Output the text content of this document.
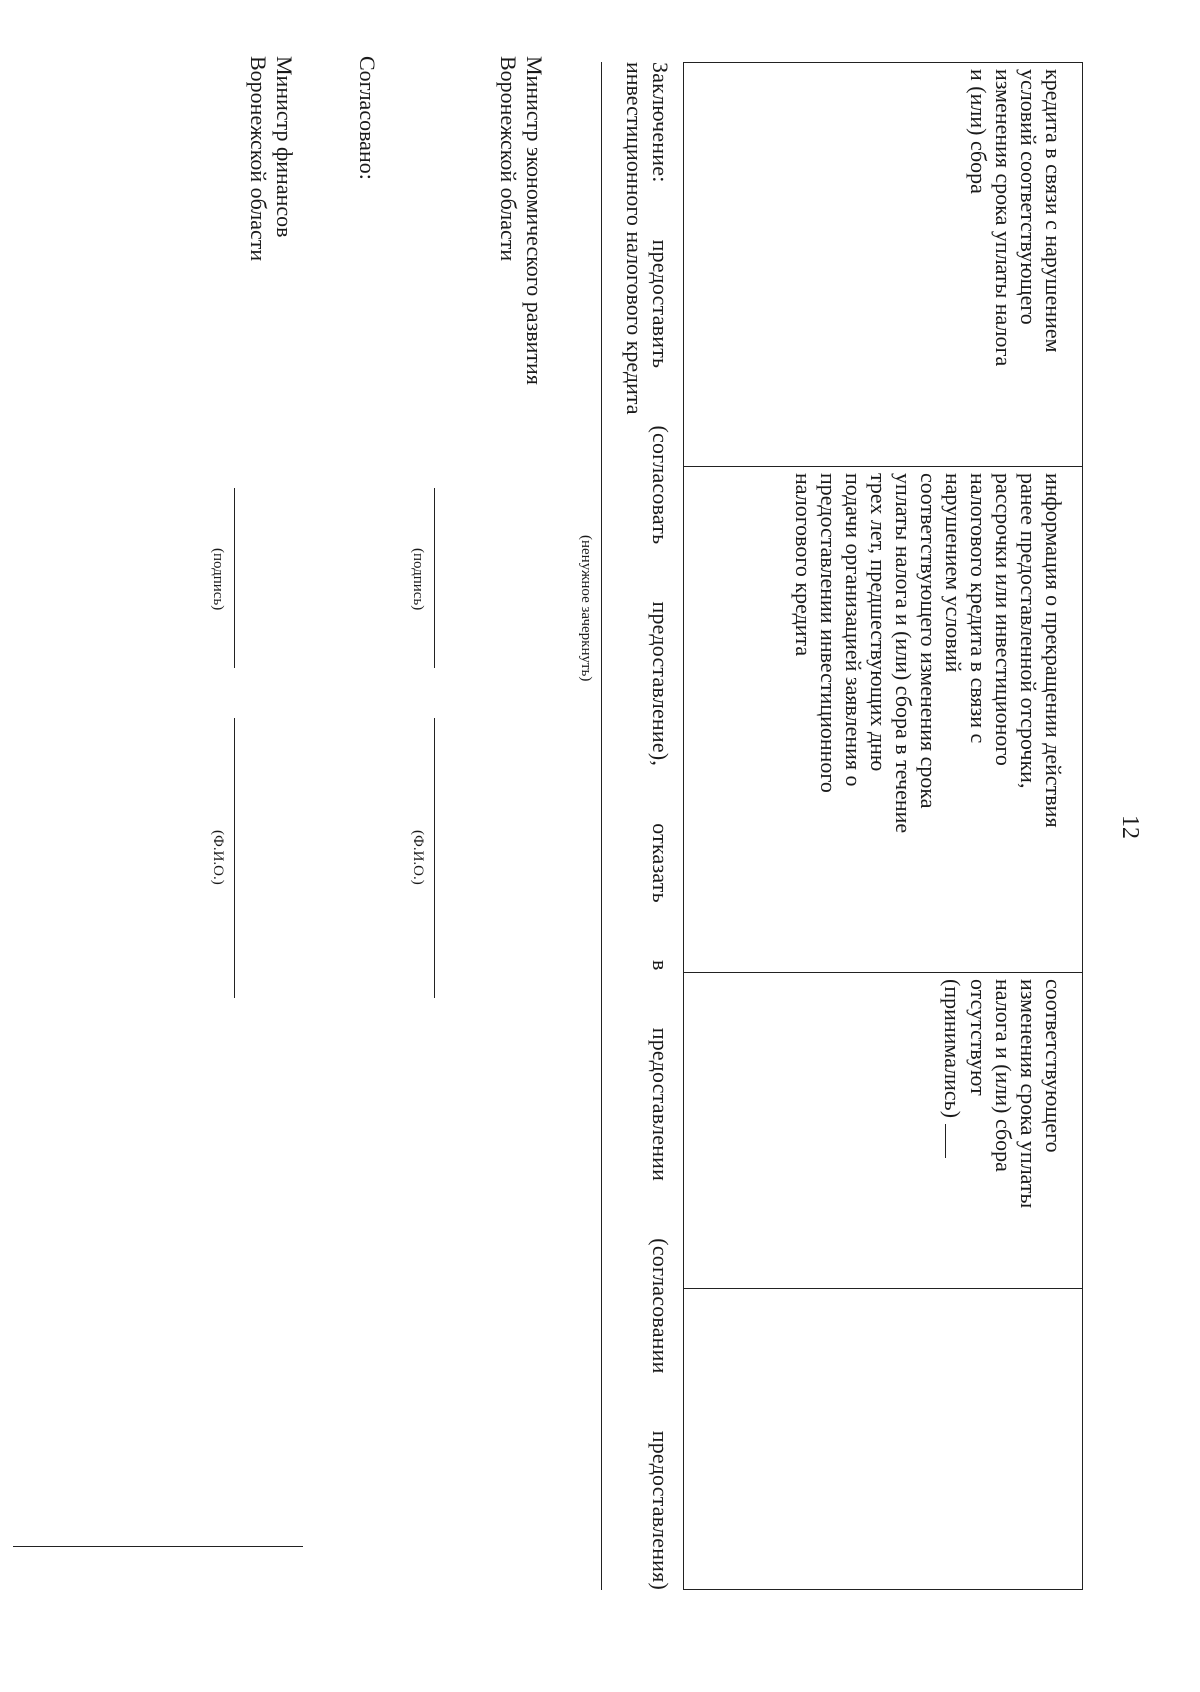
12
кредита в связи с нарушением
условий соответствующего
изменения срока уплаты налога
и (или) сбора
информация о прекращении действия
ранее предоставленной отсрочки,
рассрочки или инвестиционого
налогового кредита в связи с
нарушением условий
соответствующего изменения срока
уплаты налога и (или) сбора в течение
трех лет, предшествующих дню
подачи организацией заявления о
предоставлении инвестиционного
налогового кредита
соответствующего
изменения срока уплаты
налога и (или) сбора
отсутствуют
(принимались)
Заключение: предоставить (согласовать предоставление), отказать в предоставлении (согласовании предоставления)
инвестиционного налогового кредита
(ненужное зачеркнуть)
Министр экономического развития
Воронежской области
(подпись)
(Ф.И.О.)
Согласовано:
Министр финансов
Воронежской области
(подпись)
(Ф.И.О.)
